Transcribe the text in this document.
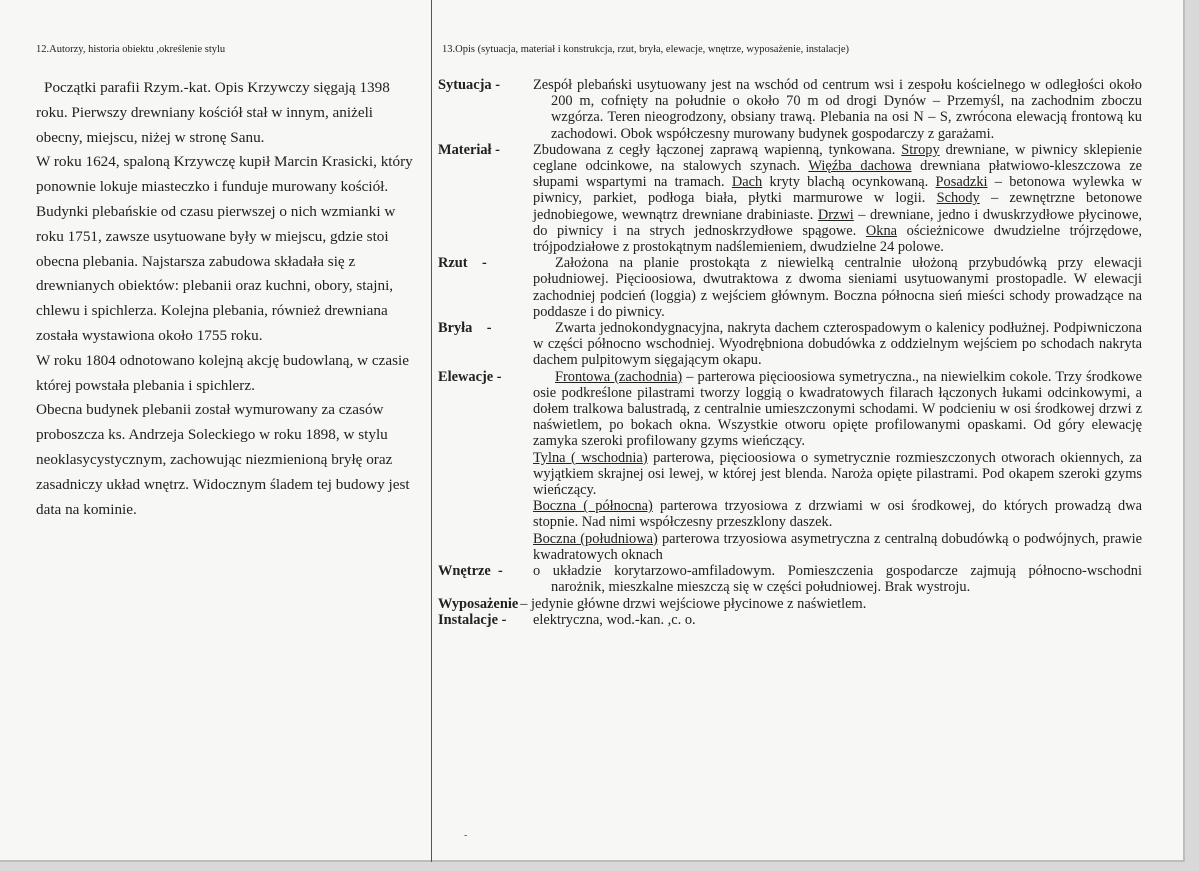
12.Autorzy, historia obiektu ,określenie stylu

Początki parafii Rzym.-kat. Opis Krzywczy sięgają 1398 roku. Pierwszy drewniany kościół stał w innym, aniżeli obecny, miejscu, niżej w stronę Sanu.

W roku 1624, spaloną Krzywczę kupił Marcin Krasicki, który ponownie lokuje miasteczko i funduje murowany kościół.

Budynki plebańskie od czasu pierwszej o nich wzmianki w roku 1751, zawsze usytuowane były w miejscu, gdzie stoi obecna plebania. Najstarsza zabudowa składała się z drewnianych obiektów: plebanii oraz kuchni, obory, stajni, chlewu i spichlerza. Kolejna plebania, również drewniana została wystawiona około 1755 roku.

W roku 1804 odnotowano kolejną akcję budowlaną, w czasie której powstała plebania i spichlerz.

Obecna budynek plebanii został wymurowany za czasów proboszcza ks. Andrzeja Soleckiego w roku 1898, w stylu neoklasycystycznym, zachowując niezmienioną bryłę oraz zasadniczy układ wnętrz. Widocznym śladem tej budowy jest data na kominie.

13.Opis (sytuacja, materiał i konstrukcja, rzut, bryła, elewacje, wnętrze, wyposażenie, instalacje)
Sytuacja -	Zespół plebański usytuowany jest na wschód od centrum wsi i zespołu kościelnego w odległości około 200 m, cofnięty na południe o około 70 m od drogi Dynów – Przemyśl, na zachodnim zboczu wzgórza. Teren nieogrodzony, obsiany trawą. Plebania na osi N – S, zwrócona elewacją frontową ku zachodowi. Obok współczesny murowany budynek gospodarczy z garażami.
Materiał -	Zbudowana z cegły łączonej zaprawą wapienną, tynkowana. Stropy drewniane, w piwnicy sklepienie ceglane odcinkowe, na stalowych szynach. Więźba dachowa drewniana płatwiowo-kleszczowa ze słupami wspartymi na tramach. Dach kryty blachą ocynkowaną. Posadzki – betonowa wylewka w piwnicy, parkiet, podłoga biała, płytki marmurowe w logii. Schody – zewnętrzne betonowe jednobiegowe, wewnątrz drewniane drabiniaste. Drzwi – drewniane, jedno i dwuskrzydłowe płycinowe, do piwnicy i na strych jednoskrzydłowe spągowe. Okna ościeżnicowe dwudzielne trójrzędowe, trójpodziałowe z prostokątnym nadślemieniem, dwudzielne 24 polowe.
Rzut -	Założona na planie prostokąta z niewielką centralnie ułożoną przybudówką przy elewacji południowej. Pięcioosiowa, dwutraktowa z dwoma sieniami usytuowanymi prostopadle. W elewacji zachodniej podcień (loggia) z wejściem głównym. Boczna północna sień mieści schody prowadzące na poddasze i do piwnicy.
Bryła -	Zwarta jednokondygnacyjna, nakryta dachem czterospadowym o kalenicy podłużnej. Podpiwniczona w części północno wschodniej. Wyodrębniona dobudówka z oddzielnym wejściem po schodach nakryta dachem pulpitowym sięgającym okapu.
Elewacje -	Frontowa (zachodnia) – parterowa pięcioosiowa symetryczna., na niewielkim cokole. Trzy środkowe osie podkreślone pilastrami tworzy loggią o kwadratowych filarach łączonych łukami odcinkowymi, a dołem tralkowa balustradą, z centralnie umieszczonymi schodami. W podcieniu w osi środkowej drzwi z naświetlem, po bokach okna. Wszystkie otworu opięte profilowanymi opaskami. Od góry elewację zamyka szeroki profilowany gzyms wieńczący.
Tylna ( wschodnia) parterowa, pięcioosiowa o symetrycznie rozmieszczonych otworach okiennych, za wyjątkiem skrajnej osi lewej, w której jest blenda. Naroża opięte pilastrami. Pod okapem szeroki gzyms wieńczący.
Boczna ( północna) parterowa trzyosiowa z drzwiami w osi środkowej, do których prowadzą dwa stopnie. Nad nimi współczesny przeszklony daszek.
Boczna (południowa) parterowa trzyosiowa asymetryczna z centralną dobudówką o podwójnych, prawie kwadratowych oknach
Wnętrze -	o układzie korytarzowo-amfiladowym. Pomieszczenia gospodarcze zajmują północno-wschodni narożnik, mieszkalne mieszczą się w części południowej. Brak wystroju.
Wyposażenie – jedynie główne drzwi wejściowe płycinowe z naświetlem.
Instalacje -	elektryczna, wod.-kan. ,c. o.
-
